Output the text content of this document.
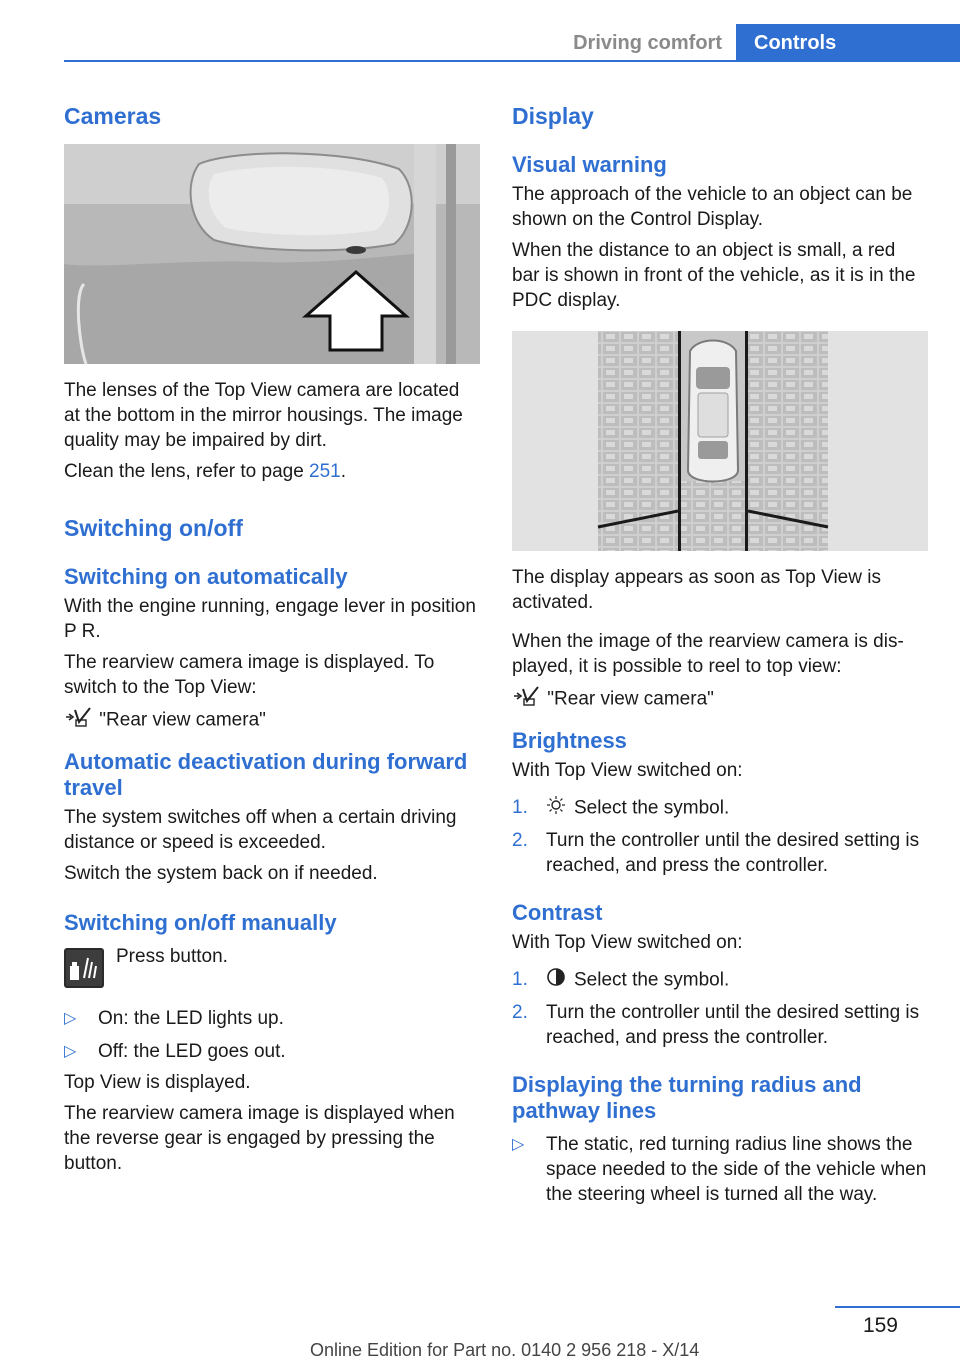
Driving comfort	Controls
Cameras

The lenses of the Top View camera are located at the bottom in the mirror housings. The image quality may be impaired by dirt.

Clean the lens, refer to page 251.

Switching on/off
Switching on automatically

With the engine running, engage lever in position P R.

The rearview camera image is displayed. To switch to the Top View:

"Rear view camera"

Automatic deactivation during forward travel

The system switches off when a certain driving distance or speed is exceeded.

Switch the system back on if needed.

Switching on/off manually
Press button.
▷ On: the LED lights up.
▷ Off: the LED goes out.

Top View is displayed.

The rearview camera image is displayed when the reverse gear is engaged by pressing the button.

Display
Visual warning

The approach of the vehicle to an object can be shown on the Control Display.

When the distance to an object is small, a red bar is shown in front of the vehicle, as it is in the PDC display.

The display appears as soon as Top View is activated.

When the image of the rearview camera is displayed, it is possible to reel to top view:

"Rear view camera"

Brightness

With Top View switched on:

1. Select the symbol.
2. Turn the controller until the desired setting is reached, and press the controller.
Contrast

With Top View switched on:

1. Select the symbol.
2. Turn the controller until the desired setting is reached, and press the controller.
Displaying the turning radius and pathway lines
▷ The static, red turning radius line shows the space needed to the side of the vehicle when the steering wheel is turned all the way.
159
Online Edition for Part no. 0140 2 956 218 - X/14
